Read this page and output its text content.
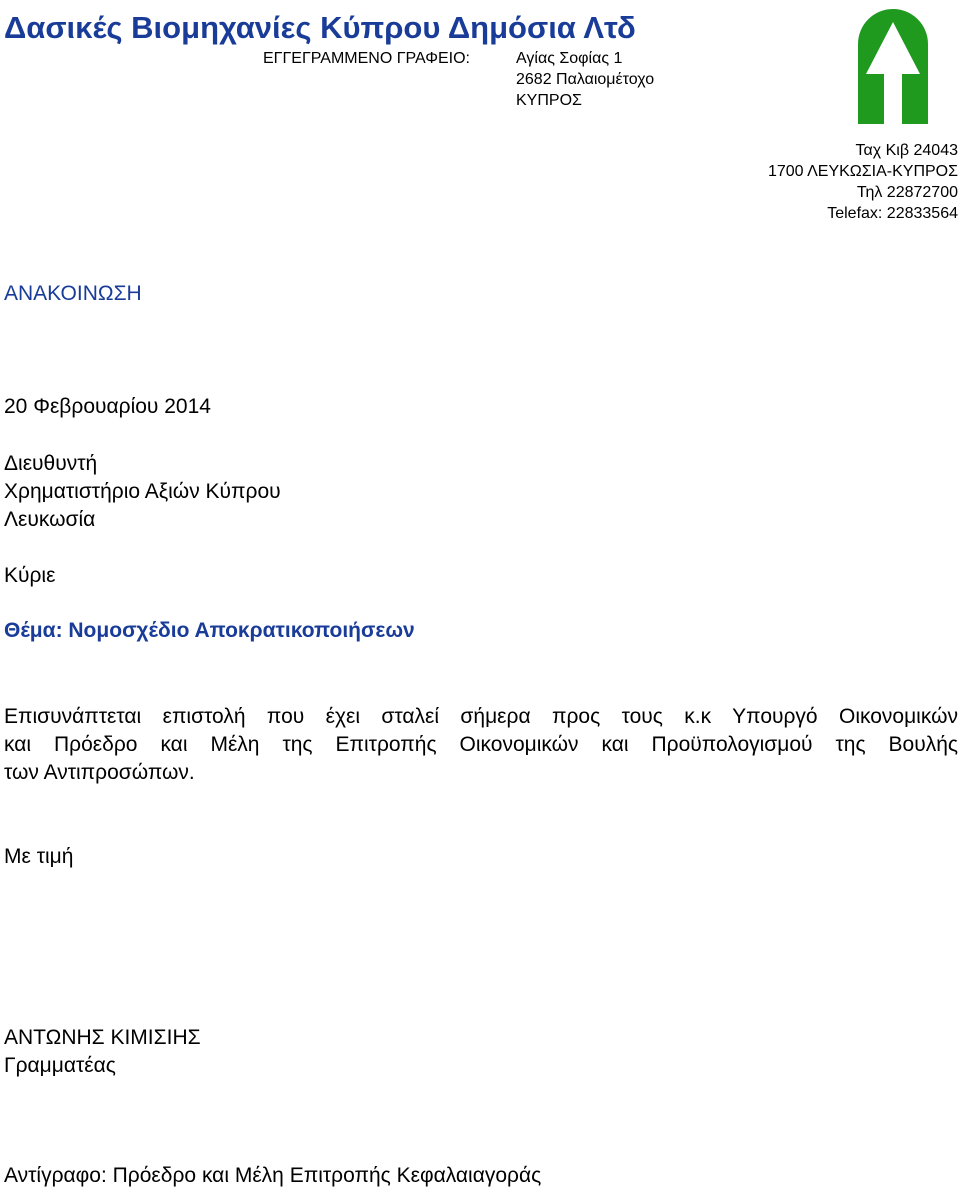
Δασικές Βιομηχανίες Κύπρου Δημόσια Λτδ
ΕΓΓΕΓΡΑΜΜΕΝΟ ΓΡΑΦΕΙΟ:	Αγίας Σοφίας 1
2682 Παλαιομέτοχο
ΚΥΠΡΟΣ
Ταχ Κιβ 24043
1700 ΛΕΥΚΩΣΙΑ-ΚΥΠΡΟΣ
Τηλ 22872700
Telefax: 22833564
ΑΝΑΚΟΙΝΩΣΗ
20 Φεβρουαρίου 2014
Διευθυντή
Χρηματιστήριο Αξιών Κύπρου
Λευκωσία
Κύριε
Θέμα: Νομοσχέδιο Αποκρατικοποιήσεων
Επισυνάπτεται επιστολή που έχει σταλεί σήμερα προς τους κ.κ Υπουργό Οικονομικών
και Πρόεδρο και Μέλη της Επιτροπής Οικονομικών και Προϋπολογισμού της Βουλής
των Αντιπροσώπων.
Με τιμή
ΑΝΤΩΝΗΣ ΚΙΜΙΣΙΗΣ
Γραμματέας
Αντίγραφο: Πρόεδρο και Μέλη Επιτροπής Κεφαλαιαγοράς
